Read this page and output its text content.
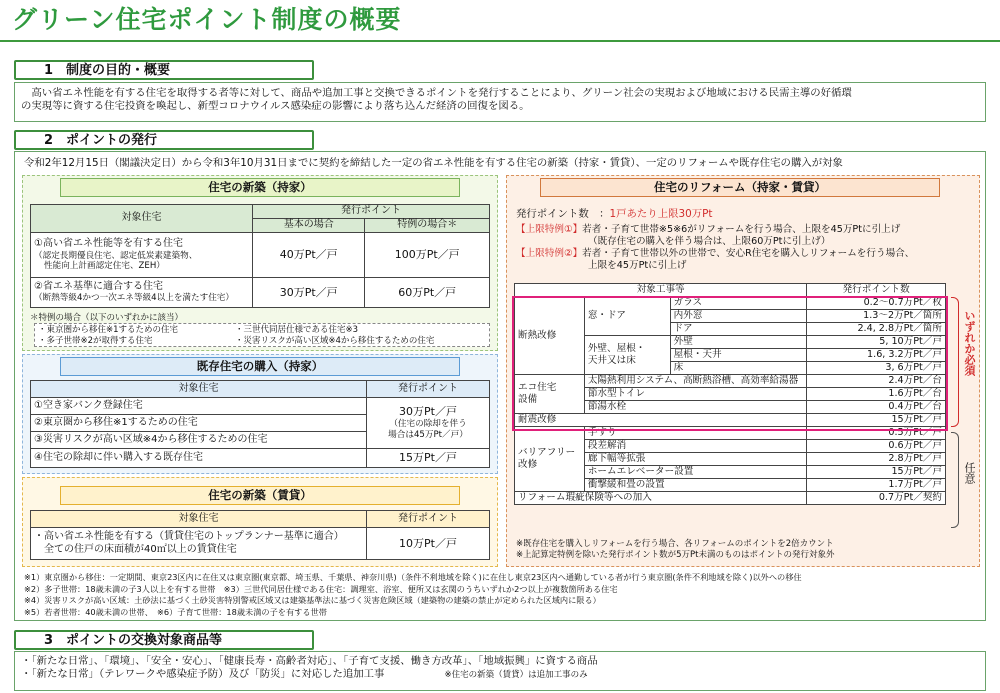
グリーン住宅ポイント制度の概要
1　制度の目的・概要
　高い省エネ性能を有する住宅を取得する者等に対して、商品や追加工事と交換できるポイントを発行することにより、グリーン社会の実現および地域における民需主導の好循環
の実現等に資する住宅投資を喚起し、新型コロナウイルス感染症の影響により落ち込んだ経済の回復を図る。
2　ポイントの発行
令和2年12月15日（閣議決定日）から令和3年10月31日までに契約を締結した一定の省エネ性能を有する住宅の新築（持家・賃貸）、一定のリフォームや既存住宅の購入が対象
住宅の新築（持家）
対象住宅	発行ポイント	
	基本の場合	特例の場合＊

①高い省エネ性能等を有する住宅
（認定長期優良住宅、認定低炭素建築物、
性能向上計画認定住宅、ZEH）	40万Pt／戸	100万Pt／戸

②省エネ基準に適合する住宅
（断熱等級4かつ一次エネ等級4以上を満たす住宅）	30万Pt／戸	60万Pt／戸
＊特例の場合（以下のいずれかに該当）
・東京圏から移住※1するための住宅
・多子世帯※2が取得する住宅
・三世代同居仕様である住宅※3
・災害リスクが高い区域※4から移住するための住宅
既存住宅の購入（持家）
対象住宅	発行ポイント
①空き家バンク登録住宅	30万Pt／戸
（住宅の除却を伴う
場合は45万Pt／戸）

②東京圏から移住※1するための住宅	
③災害リスクが高い区域※4から移住するための住宅	
④住宅の除却に伴い購入する既存住宅	15万Pt／戸
住宅の新築（賃貸）
対象住宅	発行ポイント

・高い省エネ性能を有する（賃貸住宅のトップランナー基準に適合）
　全ての住戸の床面積が40㎡以上の賃貸住宅	10万Pt／戸
住宅のリフォーム（持家・賃貸）
発行ポイント数　：1戸あたり上限30万Pt
【上限特例①】若者・子育て世帯※5※6がリフォームを行う場合、上限を45万Ptに引上げ
（既存住宅の購入を伴う場合は、上限60万Ptに引上げ）
【上限特例②】若者・子育て世帯以外の世帯で、安心R住宅を購入しリフォームを行う場合、
上限を45万Ptに引上げ
対象工事等			発行ポイント数
断熱改修	窓・ドア	ガラス	0.2～0.7万Pt／枚
		内外窓	1.3～2万Pt／箇所
		ドア	2.4, 2.8万Pt／箇所

	外壁、屋根・
天井又は床	外壁	5, 10万Pt／戸
		屋根・天井	1.6, 3.2万Pt／戸
		床	3, 6万Pt／戸

エコ住宅
設備	太陽熱利用システム、高断熱浴槽、高効率給湯器		2.4万Pt／台
	節水型トイレ		1.6万Pt／台
	節湯水栓		0.4万Pt／台
耐震改修			15万Pt／戸

バリアフリー
改修	手すり		0.5万Pt／戸
	段差解消		0.6万Pt／戸
	廊下幅等拡張		2.8万Pt／戸
	ホームエレベーター設置		15万Pt／戸
	衝撃緩和畳の設置		1.7万Pt／戸
リフォーム瑕疵保険等への加入			0.7万Pt／契約
いずれか必須
任意
※既存住宅を購入しリフォームを行う場合、各リフォームのポイントを2倍カウント
※上記算定特例を除いた発行ポイント数が5万Pt未満のものはポイントの発行対象外
※1）東京圏から移住：一定期間、東京23区内に在住又は東京圏(東京都、埼玉県、千葉県、神奈川県)（条件不利地域を除く)に在住し東京23区内へ通勤している者が行う東京圏(条件不利地域を除く)以外への移住
※2）多子世帯：18歳未満の子3人以上を有する世帯　※3）三世代同居仕様である住宅：調理室、浴室、便所又は玄関のうちいずれか2つ以上が複数箇所ある住宅
※4）災害リスクが高い区域：土砂法に基づく土砂災害特別警戒区域又は建築基準法に基づく災害危険区域（建築物の建築の禁止が定められた区域内に限る）
※5）若者世帯：40歳未満の世帯、　※6）子育て世帯：18歳未満の子を有する世帯
3　ポイントの交換対象商品等
・「新たな日常」、「環境」、「安全・安心」、「健康長寿・高齢者対応」、「子育て支援、働き方改革」、「地域振興」に資する商品
・「新たな日常」（テレワークや感染症予防）及び「防災」に対応した追加工事	※住宅の新築（賃貸）は追加工事のみ
